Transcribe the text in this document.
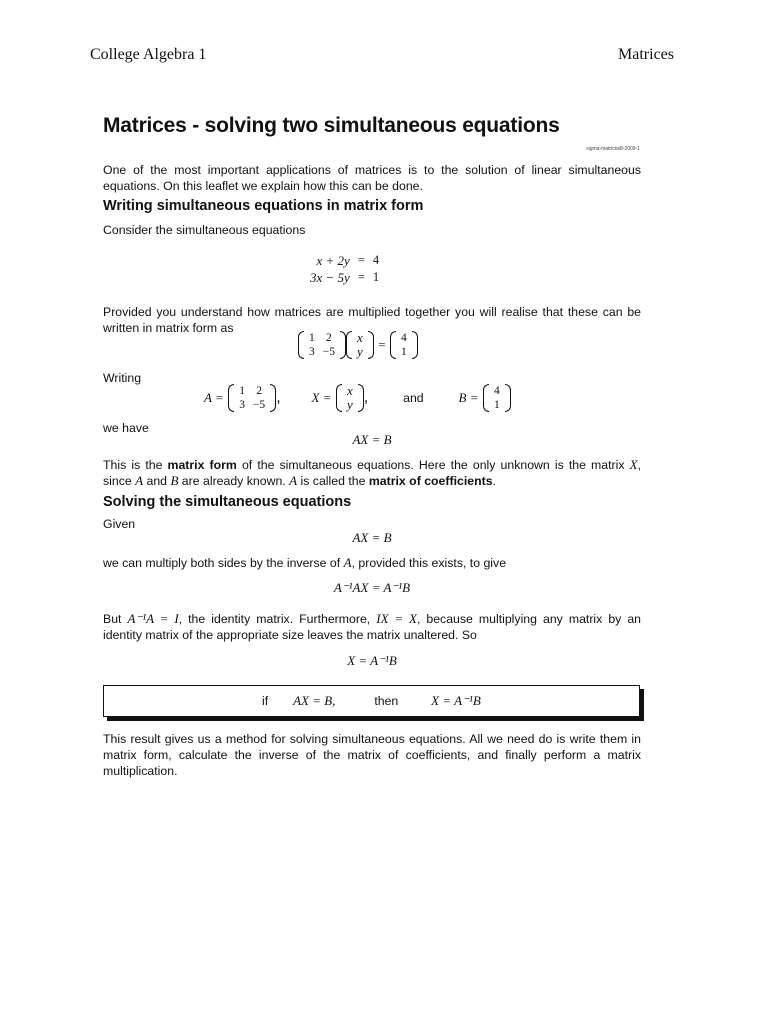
College Algebra 1	Matrices
Matrices - solving two simultaneous equations
sigma-matrices8-2009-1
One of the most important applications of matrices is to the solution of linear simultaneous equations. On this leaflet we explain how this can be done.
Writing simultaneous equations in matrix form
Consider the simultaneous equations
x + 2y	=	4
3x − 5y	=	1
Provided you understand how matrices are multiplied together you will realise that these can be written in matrix form as
1	2
3	−5
x
y = 4
1
Writing
A = 1	2
3	−5 , X = x
y ,	and	B = 4
1
we have
AX = B
This is the matrix form of the simultaneous equations. Here the only unknown is the matrix X, since A and B are already known. A is called the matrix of coefficients.
Solving the simultaneous equations
Given
AX = B
we can multiply both sides by the inverse of A, provided this exists, to give
A⁻¹AX = A⁻¹B
But A⁻¹A = I, the identity matrix. Furthermore, IX = X, because multiplying any matrix by an identity matrix of the appropriate size leaves the matrix unaltered. So
X = A⁻¹B
if AX = B,	then	X = A⁻¹B
This result gives us a method for solving simultaneous equations. All we need do is write them in matrix form, calculate the inverse of the matrix of coefficients, and finally perform a matrix multiplication.
